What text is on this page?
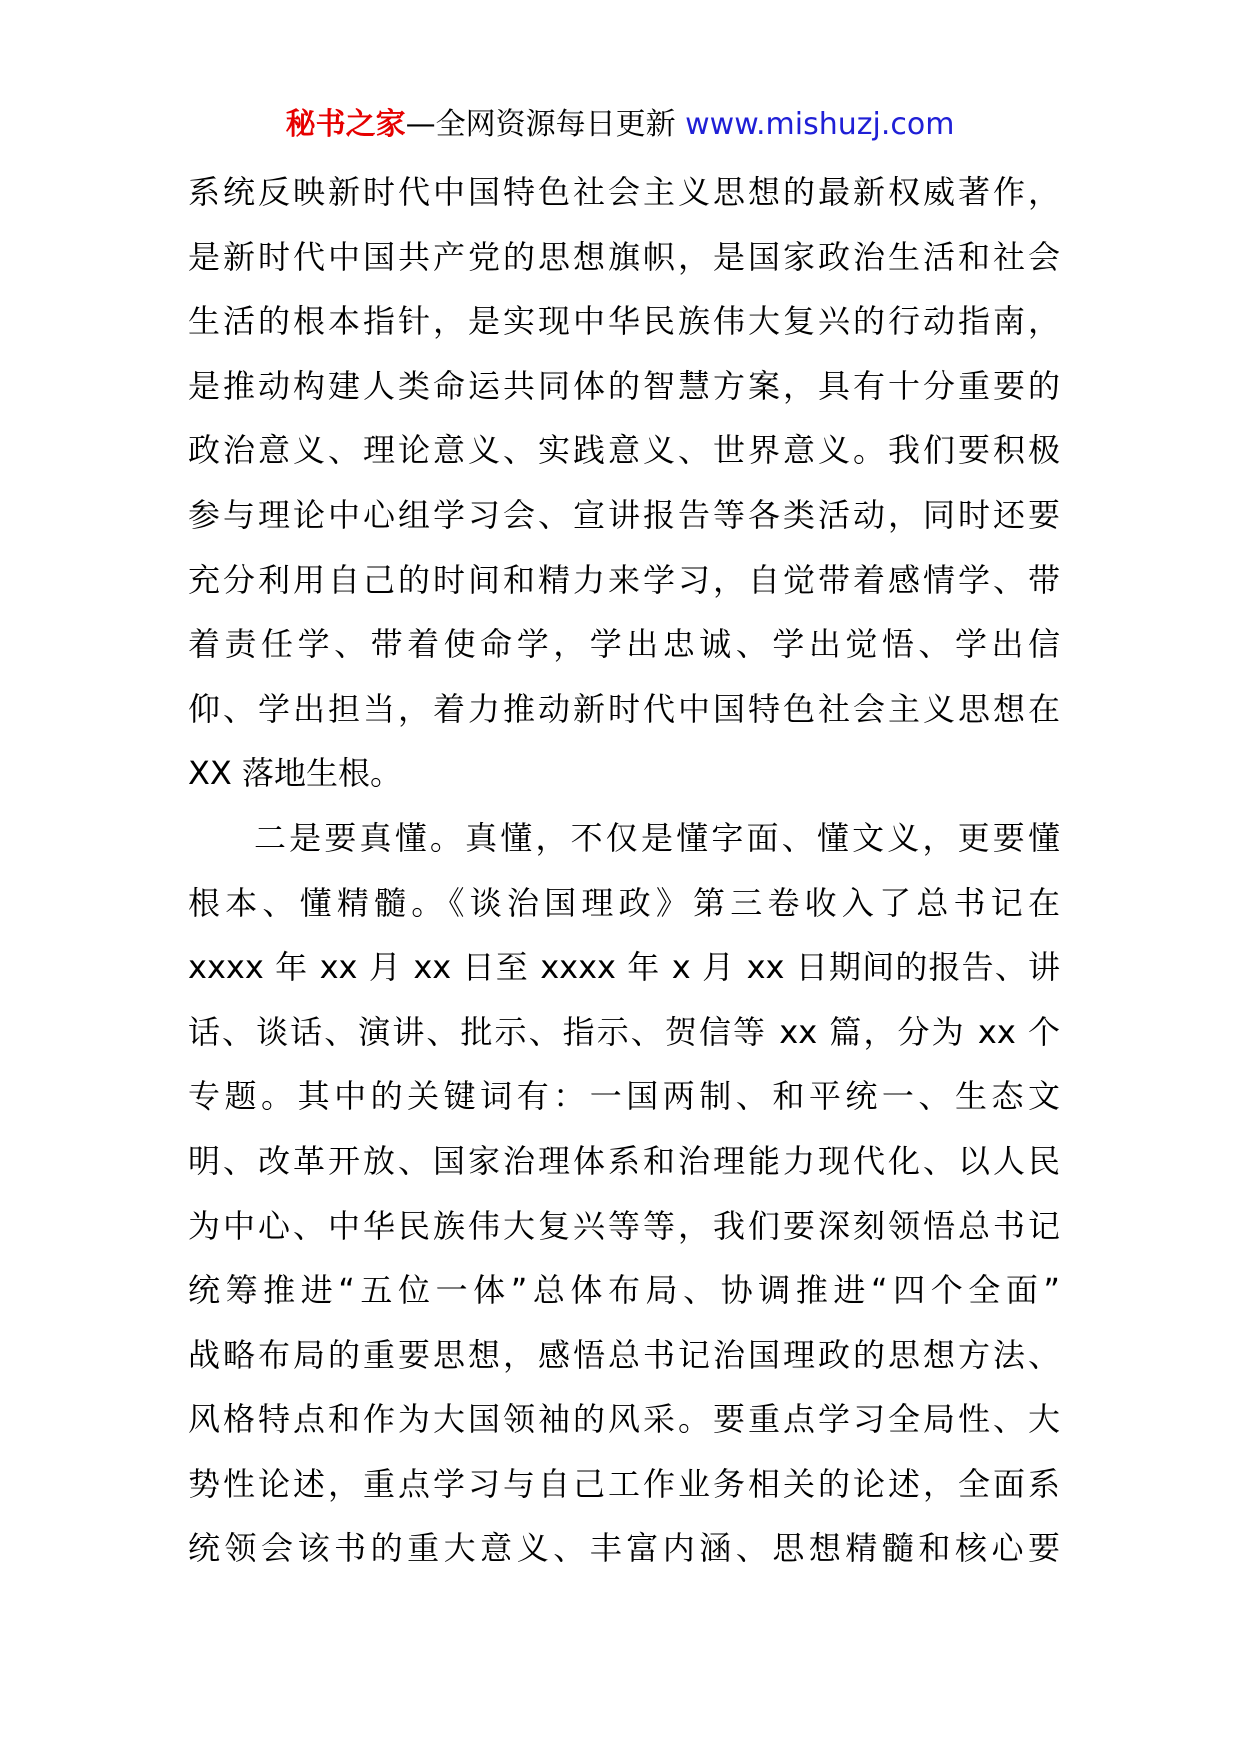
秘书之家—全网资源每日更新 www.mishuzj.com
系统反映新时代中国特色社会主义思想的最新权威著作，
是新时代中国共产党的思想旗帜，是国家政治生活和社会
生活的根本指针，是实现中华民族伟大复兴的行动指南，
是推动构建人类命运共同体的智慧方案，具有十分重要的
政治意义、理论意义、实践意义、世界意义。我们要积极
参与理论中心组学习会、宣讲报告等各类活动，同时还要
充分利用自己的时间和精力来学习，自觉带着感情学、带
着责任学、带着使命学，学出忠诚、学出觉悟、学出信
仰、学出担当，着力推动新时代中国特色社会主义思想在
XX 落地生根。
二是要真懂。真懂，不仅是懂字面、懂文义，更要懂
根本、懂精髓。《谈治国理政》第三卷收入了总书记在
xxxx 年 xx 月 xx 日至 xxxx 年 x 月 xx 日期间的报告、讲
话、谈话、演讲、批示、指示、贺信等 xx 篇，分为 xx 个
专题。其中的关键词有：一国两制、和平统一、生态文
明、改革开放、国家治理体系和治理能力现代化、以人民
为中心、中华民族伟大复兴等等，我们要深刻领悟总书记
统筹推进“五位一体”总体布局、协调推进“四个全面”
战略布局的重要思想，感悟总书记治国理政的思想方法、
风格特点和作为大国领袖的风采。要重点学习全局性、大
势性论述，重点学习与自己工作业务相关的论述，全面系
统领会该书的重大意义、丰富内涵、思想精髓和核心要
